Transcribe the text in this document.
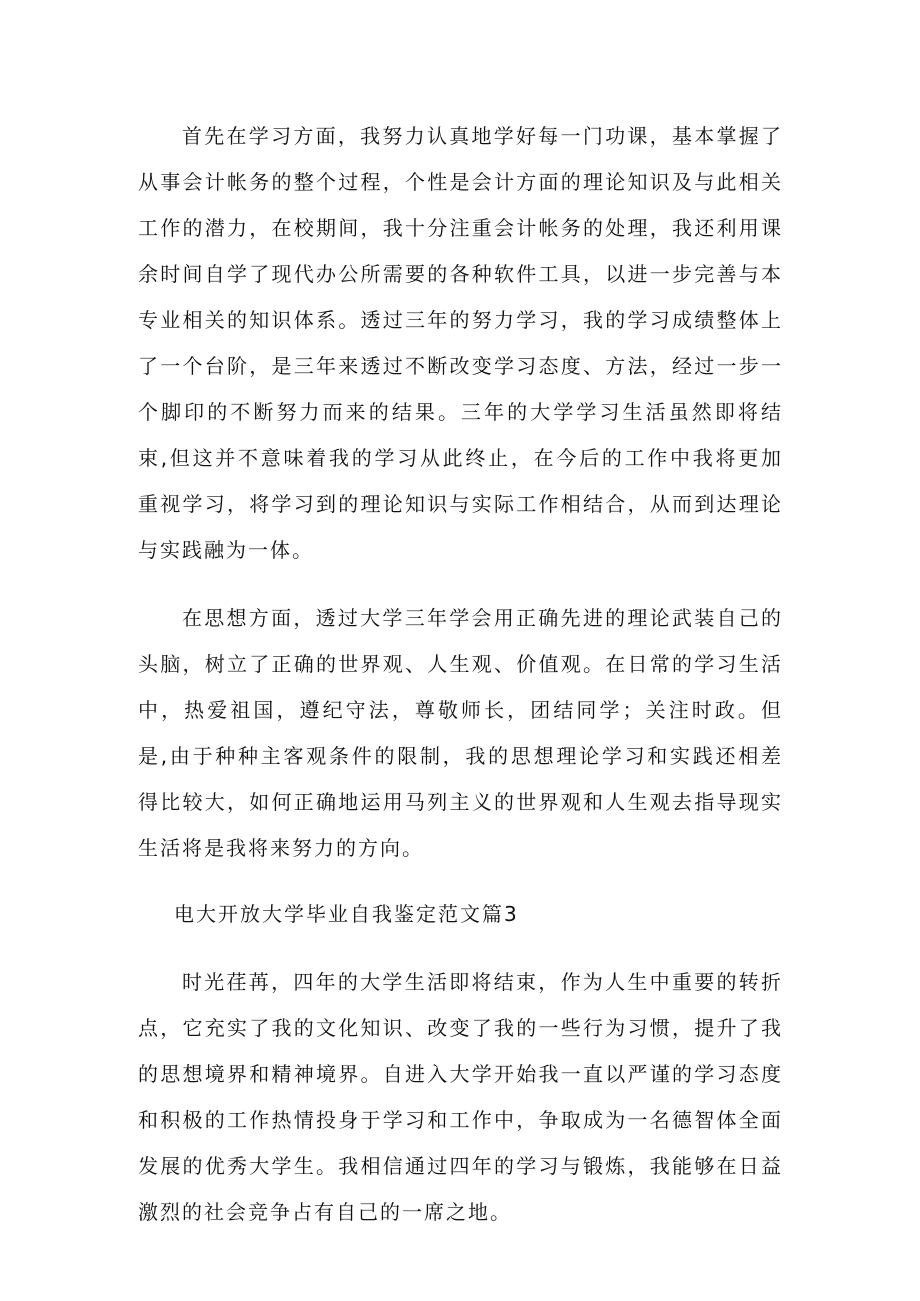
首先在学习方面，我努力认真地学好每一门功课，基本掌握了从事会计帐务的整个过程，个性是会计方面的理论知识及与此相关工作的潜力，在校期间，我十分注重会计帐务的处理，我还利用课余时间自学了现代办公所需要的各种软件工具，以进一步完善与本专业相关的知识体系。透过三年的努力学习，我的学习成绩整体上了一个台阶，是三年来透过不断改变学习态度、方法，经过一步一个脚印的不断努力而来的结果。三年的大学学习生活虽然即将结束,但这并不意味着我的学习从此终止，在今后的工作中我将更加重视学习，将学习到的理论知识与实际工作相结合，从而到达理论与实践融为一体。

在思想方面，透过大学三年学会用正确先进的理论武装自己的头脑，树立了正确的世界观、人生观、价值观。在日常的学习生活中，热爱祖国，遵纪守法，尊敬师长，团结同学；关注时政。但是,由于种种主客观条件的限制，我的思想理论学习和实践还相差得比较大，如何正确地运用马列主义的世界观和人生观去指导现实生活将是我将来努力的方向。

电大开放大学毕业自我鉴定范文篇3

时光荏苒，四年的大学生活即将结束，作为人生中重要的转折点，它充实了我的文化知识、改变了我的一些行为习惯，提升了我的思想境界和精神境界。自进入大学开始我一直以严谨的学习态度和积极的工作热情投身于学习和工作中，争取成为一名德智体全面发展的优秀大学生。我相信通过四年的学习与锻炼，我能够在日益激烈的社会竞争占有自己的一席之地。
